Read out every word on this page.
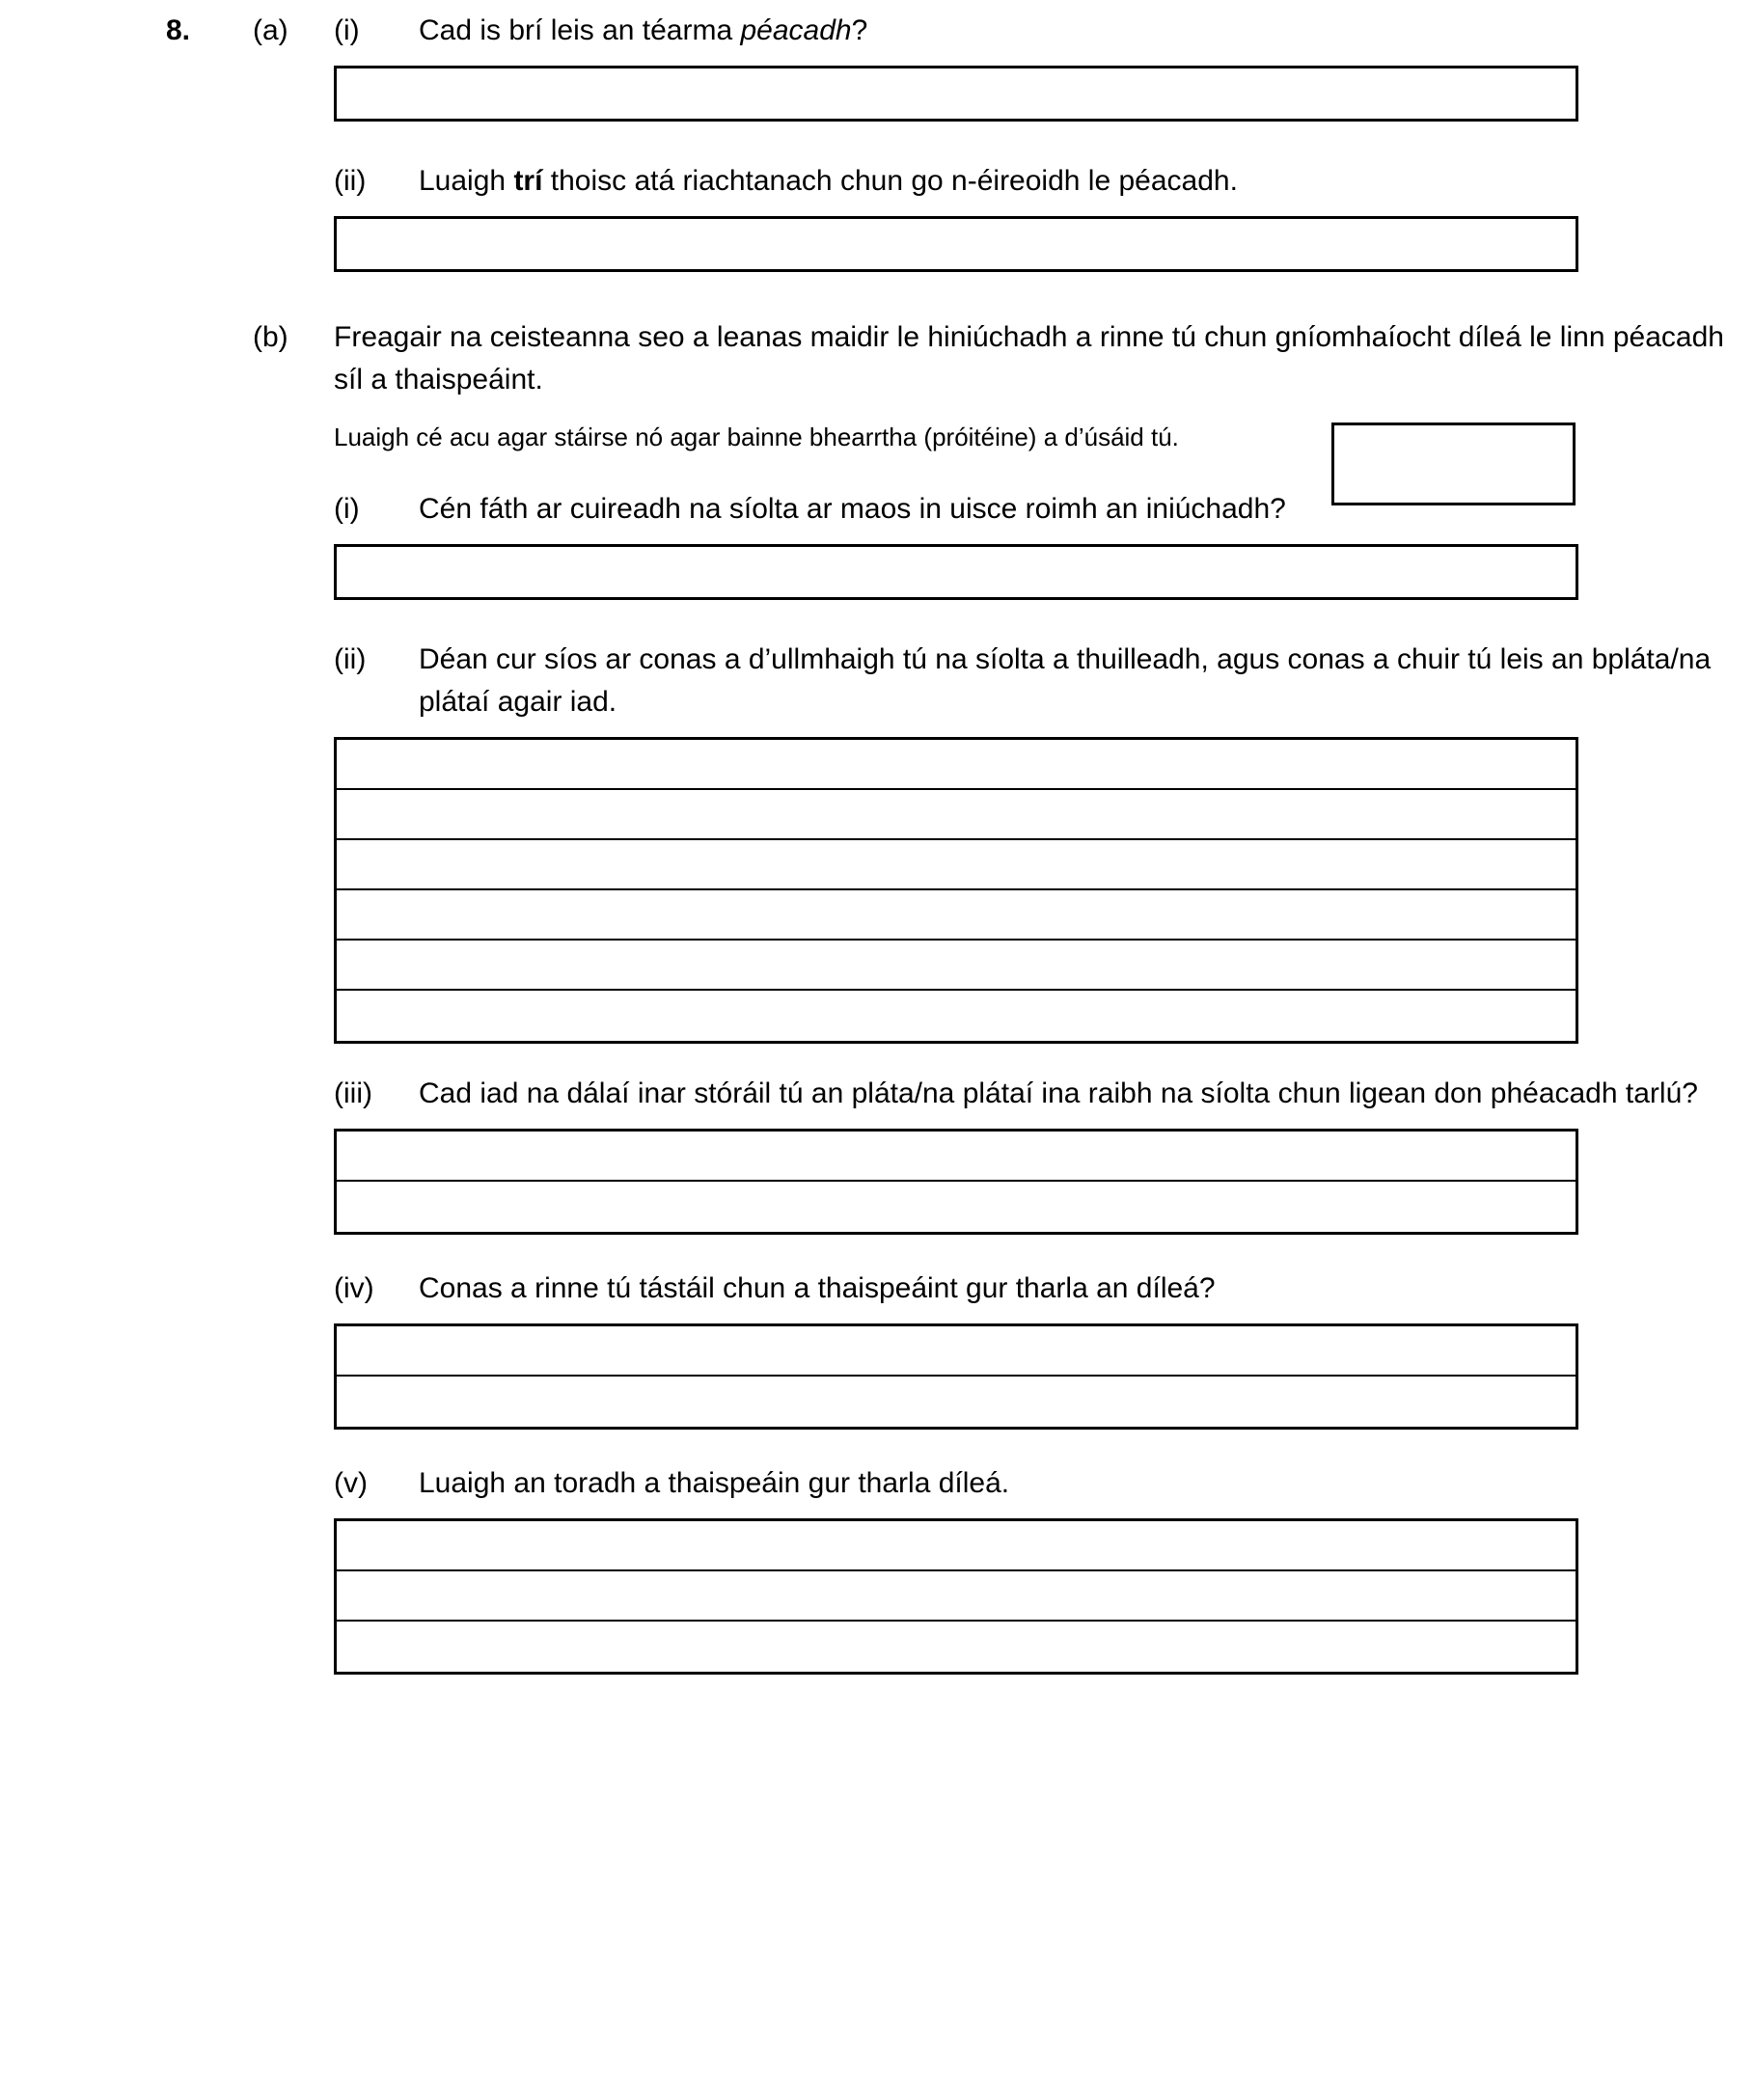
8.	(a)	(i)	Cad is brí leis an téarma péacadh?
(ii)	Luaigh trí thoisc atá riachtanach chun go n-éireoidh le péacadh.
(b)	Freagair na ceisteanna seo a leanas maidir le hiniúchadh a rinne tú chun gníomhaíocht díleá le linn péacadh síl a thaispeáint.
Luaigh cé acu agar stáirse nó agar bainne bhearrtha (próitéine) a d’úsáid tú.
(i)	Cén fáth ar cuireadh na síolta ar maos in uisce roimh an iniúchadh?
(ii)	Déan cur síos ar conas a d’ullmhaigh tú na síolta a thuilleadh, agus conas a chuir tú leis an bpláta/na plátaí agair iad.
(iii)	Cad iad na dálaí inar stóráil tú an pláta/na plátaí ina raibh na síolta chun ligean don phéacadh tarlú?
(iv)	Conas a rinne tú tástáil chun a thaispeáint gur tharla an díleá?
(v)	Luaigh an toradh a thaispeáin gur tharla díleá.
